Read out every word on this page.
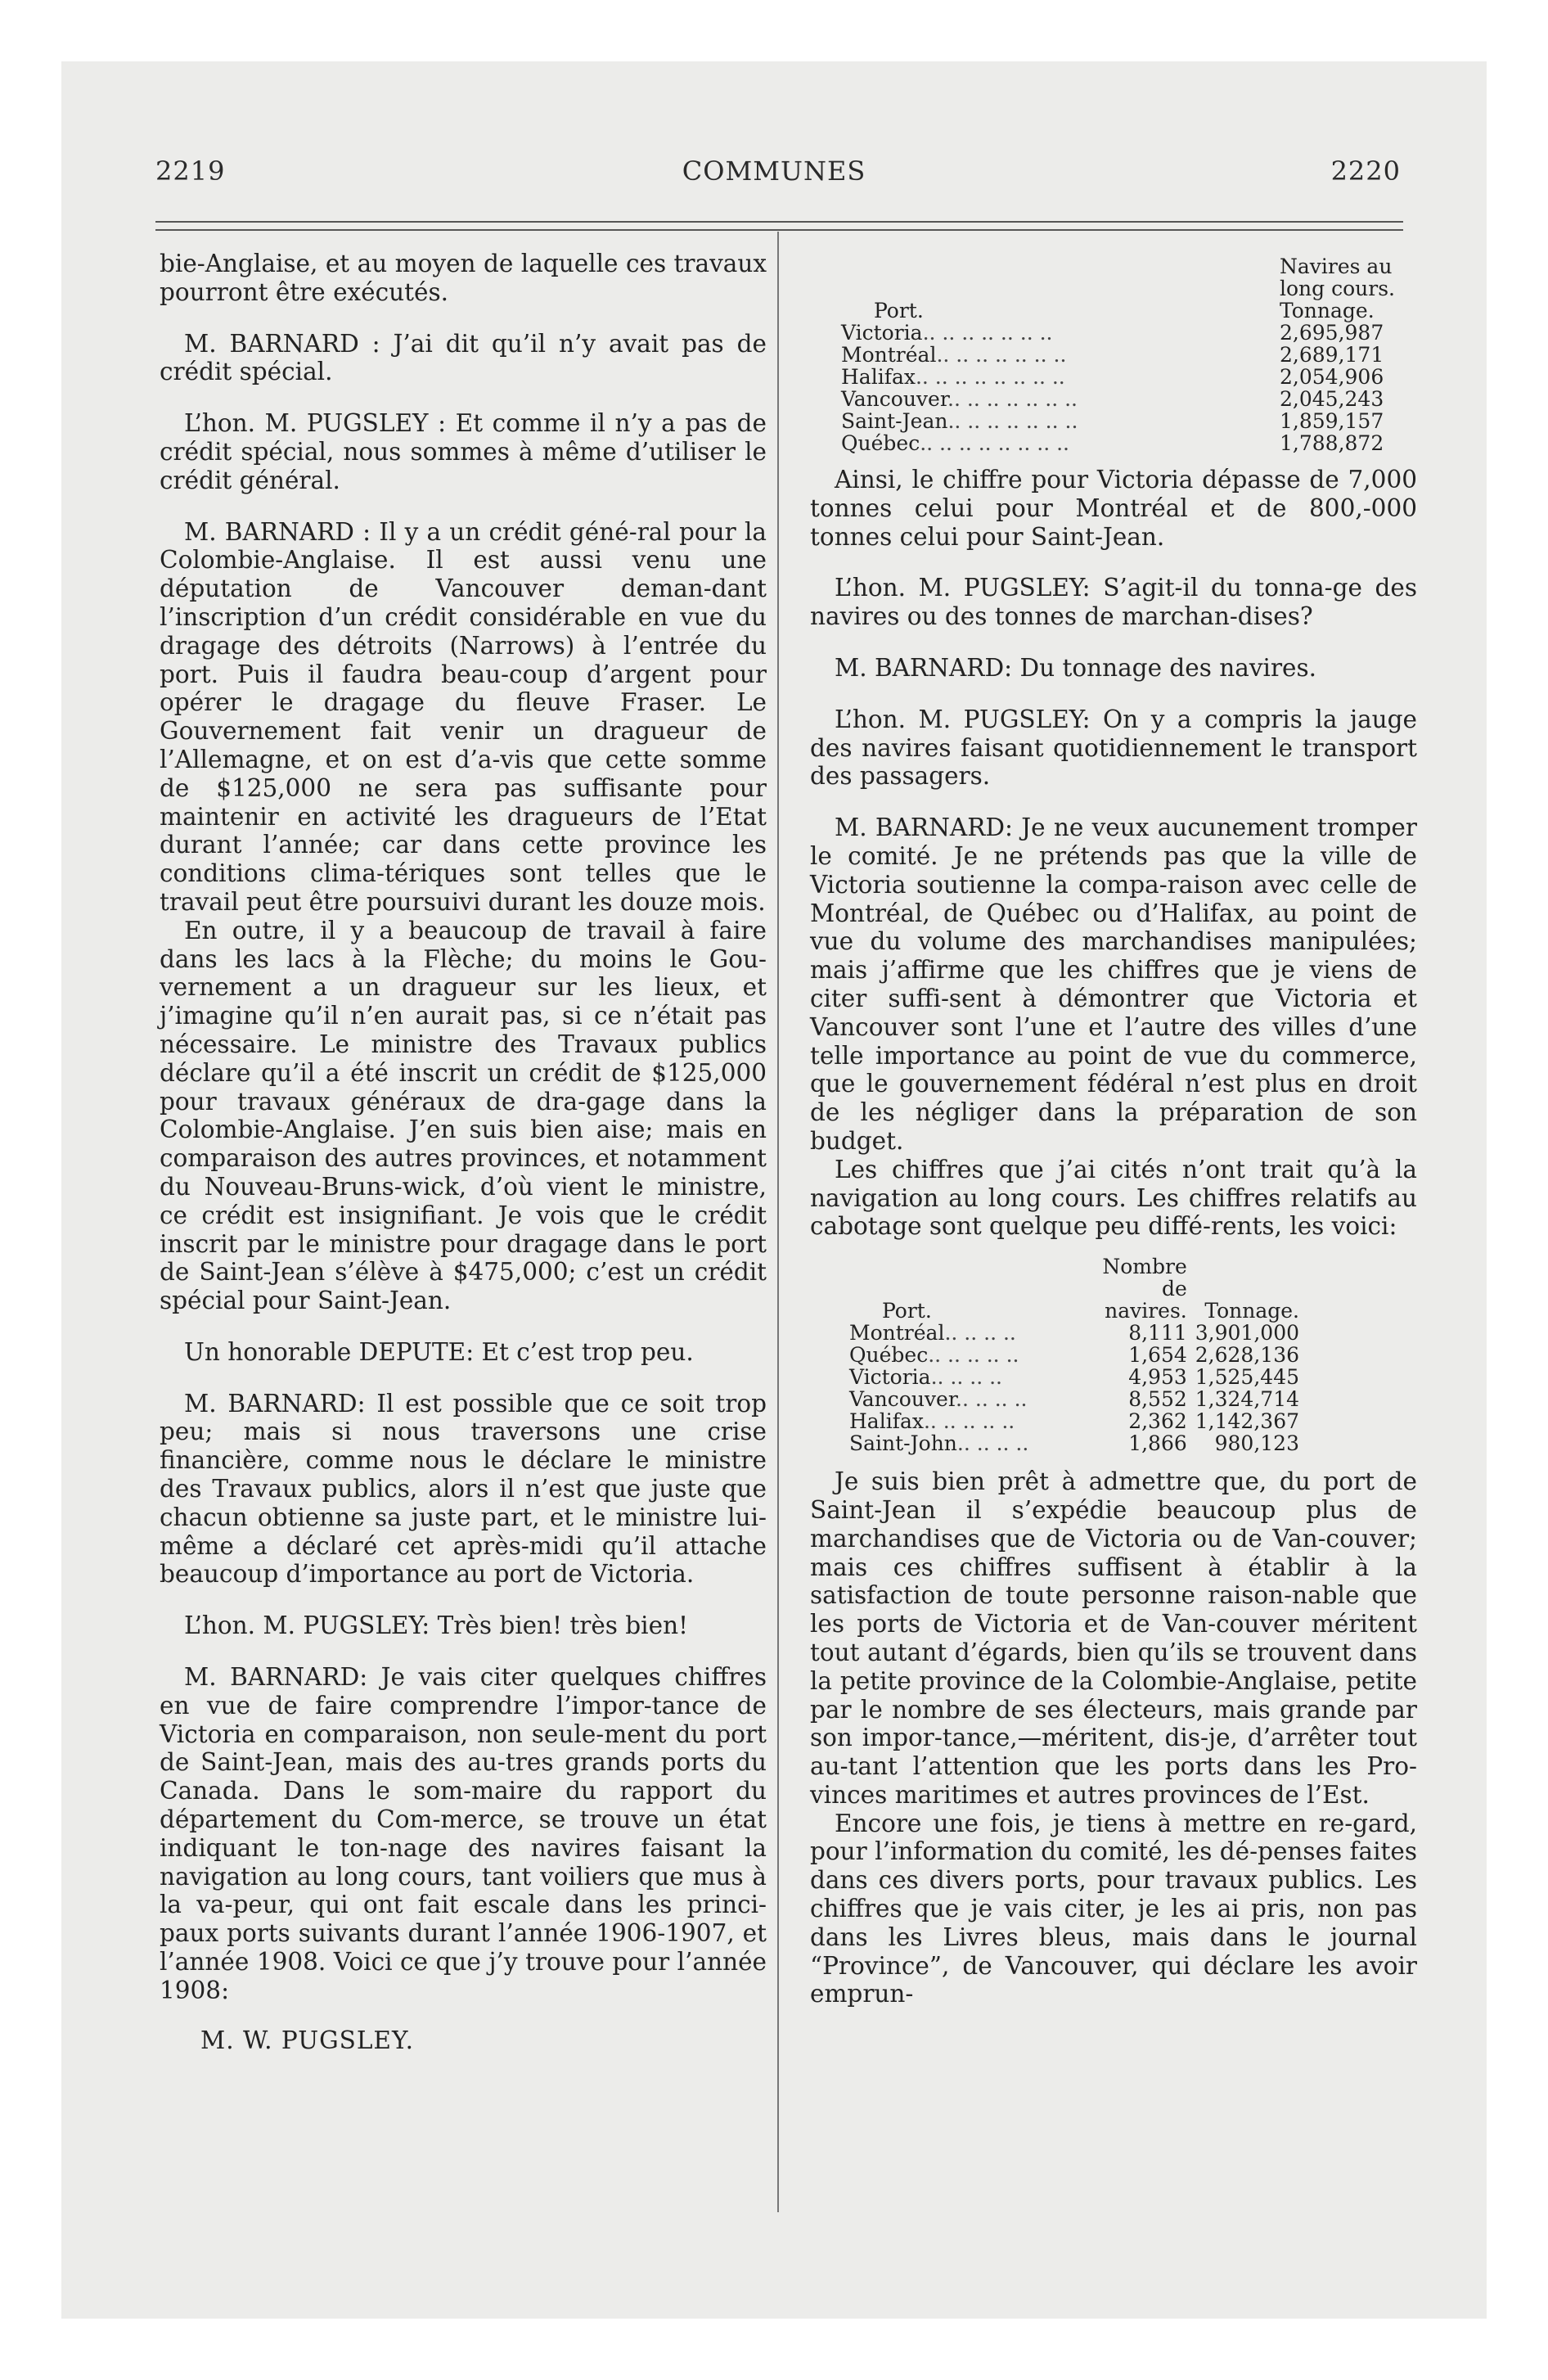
2219	COMMUNES	2220

bie-Anglaise, et au moyen de laquelle ces travaux pourront être exécutés.

M. BARNARD : J’ai dit qu’il n’y avait pas de crédit spécial.

L’hon. M. PUGSLEY : Et comme il n’y a pas de crédit spécial, nous sommes à même d’utiliser le crédit général.

M. BARNARD : Il y a un crédit géné-ral pour la Colombie-Anglaise. Il est aussi venu une députation de Vancouver deman-dant l’inscription d’un crédit considérable en vue du dragage des détroits (Narrows) à l’entrée du port. Puis il faudra beau-coup d’argent pour opérer le dragage du fleuve Fraser. Le Gouvernement fait venir un dragueur de l’Allemagne, et on est d’a-vis que cette somme de $125,000 ne sera pas suffisante pour maintenir en activité les dragueurs de l’Etat durant l’année; car dans cette province les conditions clima-tériques sont telles que le travail peut être poursuivi durant les douze mois.

En outre, il y a beaucoup de travail à faire dans les lacs à la Flèche; du moins le Gou-vernement a un dragueur sur les lieux, et j’imagine qu’il n’en aurait pas, si ce n’était pas nécessaire. Le ministre des Travaux publics déclare qu’il a été inscrit un crédit de $125,000 pour travaux généraux de dra-gage dans la Colombie-Anglaise. J’en suis bien aise; mais en comparaison des autres provinces, et notamment du Nouveau-Bruns-wick, d’où vient le ministre, ce crédit est insignifiant. Je vois que le crédit inscrit par le ministre pour dragage dans le port de Saint-Jean s’élève à $475,000; c’est un crédit spécial pour Saint-Jean.

Un honorable DEPUTE: Et c’est trop peu.

M. BARNARD: Il est possible que ce soit trop peu; mais si nous traversons une crise financière, comme nous le déclare le ministre des Travaux publics, alors il n’est que juste que chacun obtienne sa juste part, et le ministre lui-même a déclaré cet après-midi qu’il attache beaucoup d’importance au port de Victoria.

L’hon. M. PUGSLEY: Très bien! très bien!

M. BARNARD: Je vais citer quelques chiffres en vue de faire comprendre l’impor-tance de Victoria en comparaison, non seule-ment du port de Saint-Jean, mais des au-tres grands ports du Canada. Dans le som-maire du rapport du département du Com-merce, se trouve un état indiquant le ton-nage des navires faisant la navigation au long cours, tant voiliers que mus à la va-peur, qui ont fait escale dans les princi-paux ports suivants durant l’année 1906-1907, et l’année 1908. Voici ce que j’y trouve pour l’année 1908:

M. W. PUGSLEY.

Port.	Navires au
long cours.
Tonnage.

Victoria.. .. .. .. .. .. ..	2,695,987
Montréal.. .. .. .. .. .. ..	2,689,171
Halifax.. .. .. .. .. .. .. ..	2,054,906
Vancouver.. .. .. .. .. .. ..	2,045,243
Saint-Jean.. .. .. .. .. .. ..	1,859,157
Québec.. .. .. .. .. .. .. ..	1,788,872

Ainsi, le chiffre pour Victoria dépasse de 7,000 tonnes celui pour Montréal et de 800,-000 tonnes celui pour Saint-Jean.

L’hon. M. PUGSLEY: S’agit-il du tonna-ge des navires ou des tonnes de marchan-dises?

M. BARNARD: Du tonnage des navires.

L’hon. M. PUGSLEY: On y a compris la jauge des navires faisant quotidiennement le transport des passagers.

M. BARNARD: Je ne veux aucunement tromper le comité. Je ne prétends pas que la ville de Victoria soutienne la compa-raison avec celle de Montréal, de Québec ou d’Halifax, au point de vue du volume des marchandises manipulées; mais j’affirme que les chiffres que je viens de citer suffi-sent à démontrer que Victoria et Vancouver sont l’une et l’autre des villes d’une telle importance au point de vue du commerce, que le gouvernement fédéral n’est plus en droit de les négliger dans la préparation de son budget.

Les chiffres que j’ai cités n’ont trait qu’à la navigation au long cours. Les chiffres relatifs au cabotage sont quelque peu diffé-rents, les voici:

Port.	Nombre de
navires.	Tonnage.
Montréal.. .. .. ..	8,111	3,901,000
Québec.. .. .. .. ..	1,654	2,628,136
Victoria.. .. .. ..	4,953	1,525,445
Vancouver.. .. .. ..	8,552	1,324,714
Halifax.. .. .. .. ..	2,362	1,142,367
Saint-John.. .. .. ..	1,866	980,123

Je suis bien prêt à admettre que, du port de Saint-Jean il s’expédie beaucoup plus de marchandises que de Victoria ou de Van-couver; mais ces chiffres suffisent à établir à la satisfaction de toute personne raison-nable que les ports de Victoria et de Van-couver méritent tout autant d’égards, bien qu’ils se trouvent dans la petite province de la Colombie-Anglaise, petite par le nombre de ses électeurs, mais grande par son impor-tance,—méritent, dis-je, d’arrêter tout au-tant l’attention que les ports dans les Pro-vinces maritimes et autres provinces de l’Est.

Encore une fois, je tiens à mettre en re-gard, pour l’information du comité, les dé-penses faites dans ces divers ports, pour travaux publics. Les chiffres que je vais citer, je les ai pris, non pas dans les Livres bleus, mais dans le journal “Province”, de Vancouver, qui déclare les avoir emprun-
